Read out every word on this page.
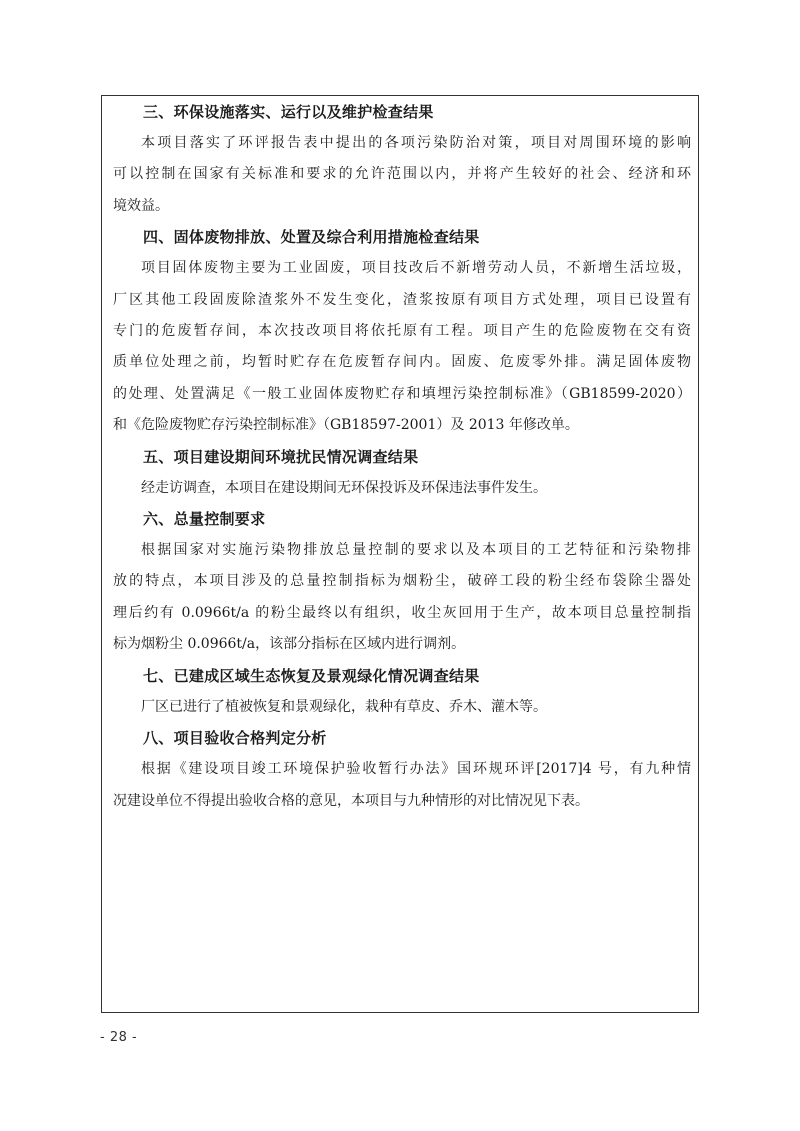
三、环保设施落实、运行以及维护检查结果
本项目落实了环评报告表中提出的各项污染防治对策，项目对周围环境的影响
可以控制在国家有关标准和要求的允许范围以内，并将产生较好的社会、经济和环
境效益。
四、固体废物排放、处置及综合利用措施检查结果
项目固体废物主要为工业固废，项目技改后不新增劳动人员，不新增生活垃圾，
厂区其他工段固废除渣浆外不发生变化，渣浆按原有项目方式处理，项目已设置有
专门的危废暂存间，本次技改项目将依托原有工程。项目产生的危险废物在交有资
质单位处理之前，均暂时贮存在危废暂存间内。固废、危废零外排。满足固体废物
的处理、处置满足《一般工业固体废物贮存和填埋污染控制标准》（GB18599-2020）
和《危险废物贮存污染控制标准》（GB18597-2001）及 2013 年修改单。
五、项目建设期间环境扰民情况调查结果
经走访调查，本项目在建设期间无环保投诉及环保违法事件发生。
六、总量控制要求
根据国家对实施污染物排放总量控制的要求以及本项目的工艺特征和污染物排
放的特点，本项目涉及的总量控制指标为烟粉尘，破碎工段的粉尘经布袋除尘器处
理后约有 0.0966t/a 的粉尘最终以有组织，收尘灰回用于生产，故本项目总量控制指
标为烟粉尘 0.0966t/a，该部分指标在区域内进行调剂。
七、已建成区域生态恢复及景观绿化情况调查结果
厂区已进行了植被恢复和景观绿化，栽种有草皮、乔木、灌木等。
八、项目验收合格判定分析
根据《建设项目竣工环境保护验收暂行办法》国环规环评[2017]4 号，有九种情
况建设单位不得提出验收合格的意见，本项目与九种情形的对比情况见下表。
- 28 -
